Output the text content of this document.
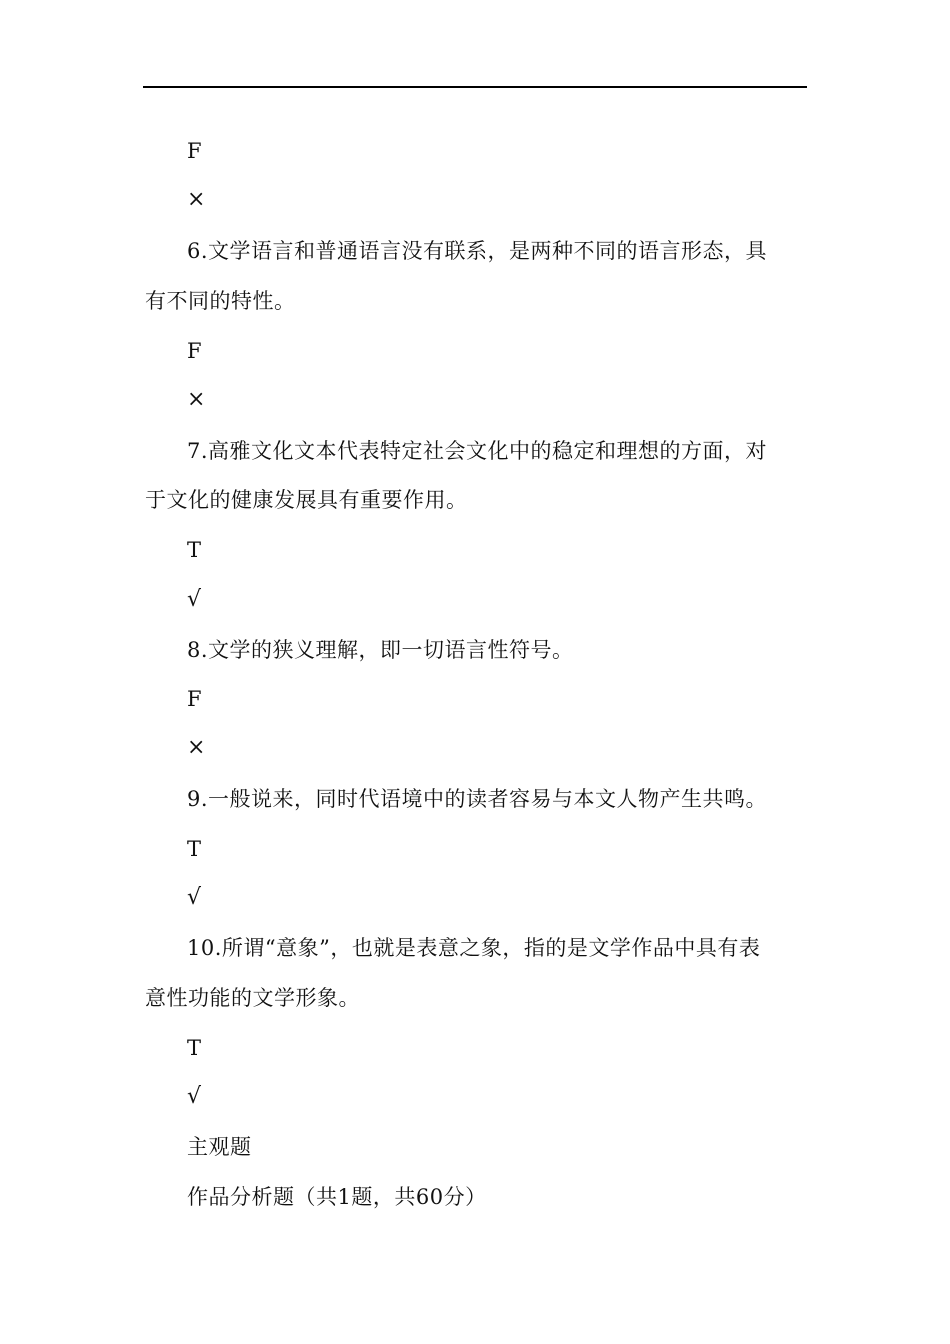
F
×
6.文学语言和普通语言没有联系，是两种不同的语言形态，具
有不同的特性。
F
×
7.高雅文化文本代表特定社会文化中的稳定和理想的方面，对
于文化的健康发展具有重要作用。
T
√
8.文学的狭义理解，即一切语言性符号。
F
×
9.一般说来，同时代语境中的读者容易与本文人物产生共鸣。
T
√
10.所谓“意象”，也就是表意之象，指的是文学作品中具有表
意性功能的文学形象。
T
√
主观题
作品分析题（共1题，共60分）
